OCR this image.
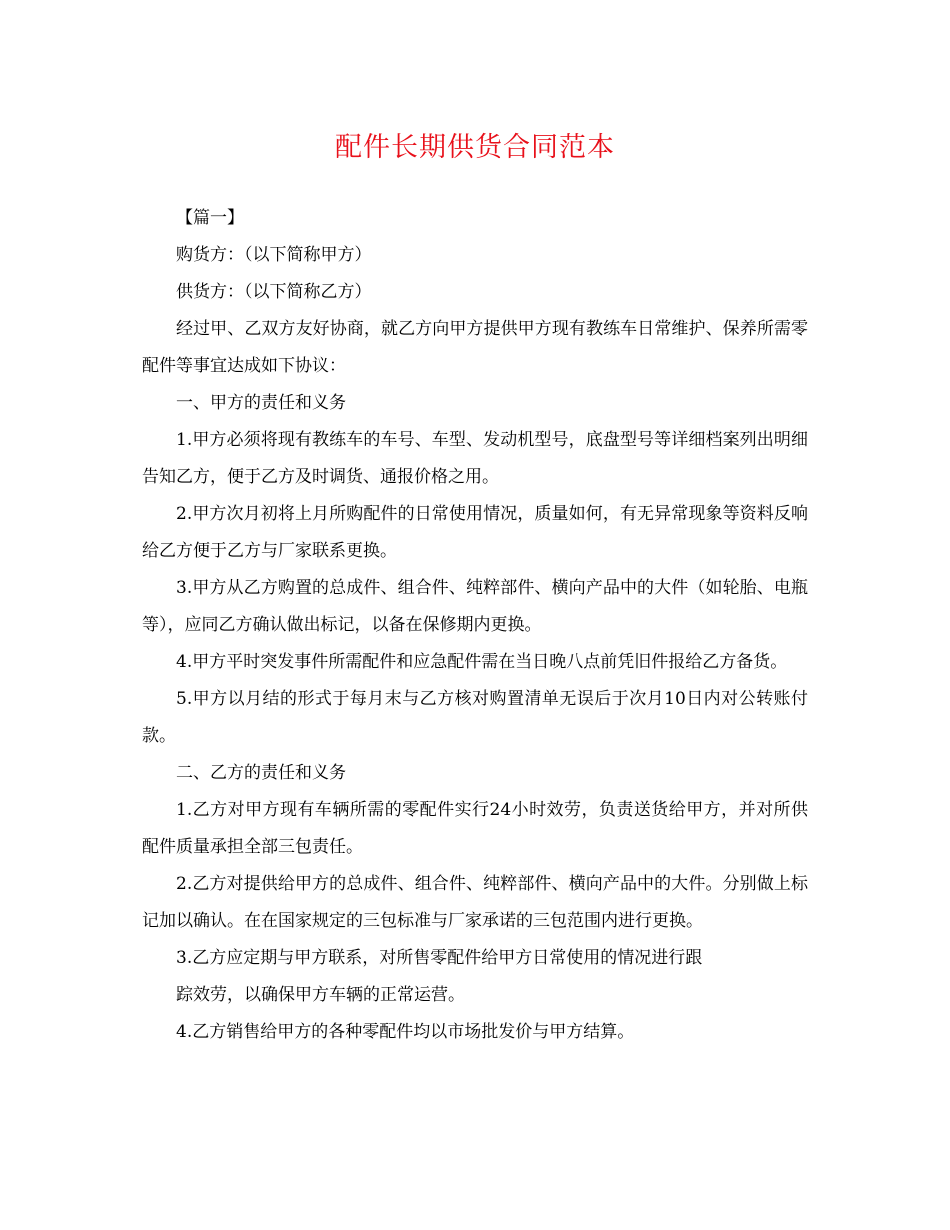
配件长期供货合同范本

【篇一】

购货方：（以下简称甲方）

供货方：（以下简称乙方）

经过甲、乙双方友好协商，就乙方向甲方提供甲方现有教练车日常维护、保养所需零配件等事宜达成如下协议：

一、甲方的责任和义务

1.甲方必须将现有教练车的车号、车型、发动机型号，底盘型号等详细档案列出明细告知乙方，便于乙方及时调货、通报价格之用。

2.甲方次月初将上月所购配件的日常使用情况，质量如何，有无异常现象等资料反响给乙方便于乙方与厂家联系更换。

3.甲方从乙方购置的总成件、组合件、纯粹部件、横向产品中的大件（如轮胎、电瓶等），应同乙方确认做出标记，以备在保修期内更换。

4.甲方平时突发事件所需配件和应急配件需在当日晚八点前凭旧件报给乙方备货。

5.甲方以月结的形式于每月末与乙方核对购置清单无误后于次月10日内对公转账付款。

二、乙方的责任和义务

1.乙方对甲方现有车辆所需的零配件实行24小时效劳，负责送货给甲方，并对所供配件质量承担全部三包责任。

2.乙方对提供给甲方的总成件、组合件、纯粹部件、横向产品中的大件。分别做上标记加以确认。在在国家规定的三包标准与厂家承诺的三包范围内进行更换。

3.乙方应定期与甲方联系，对所售零配件给甲方日常使用的情况进行跟

踪效劳，以确保甲方车辆的正常运营。

4.乙方销售给甲方的各种零配件均以市场批发价与甲方结算。
